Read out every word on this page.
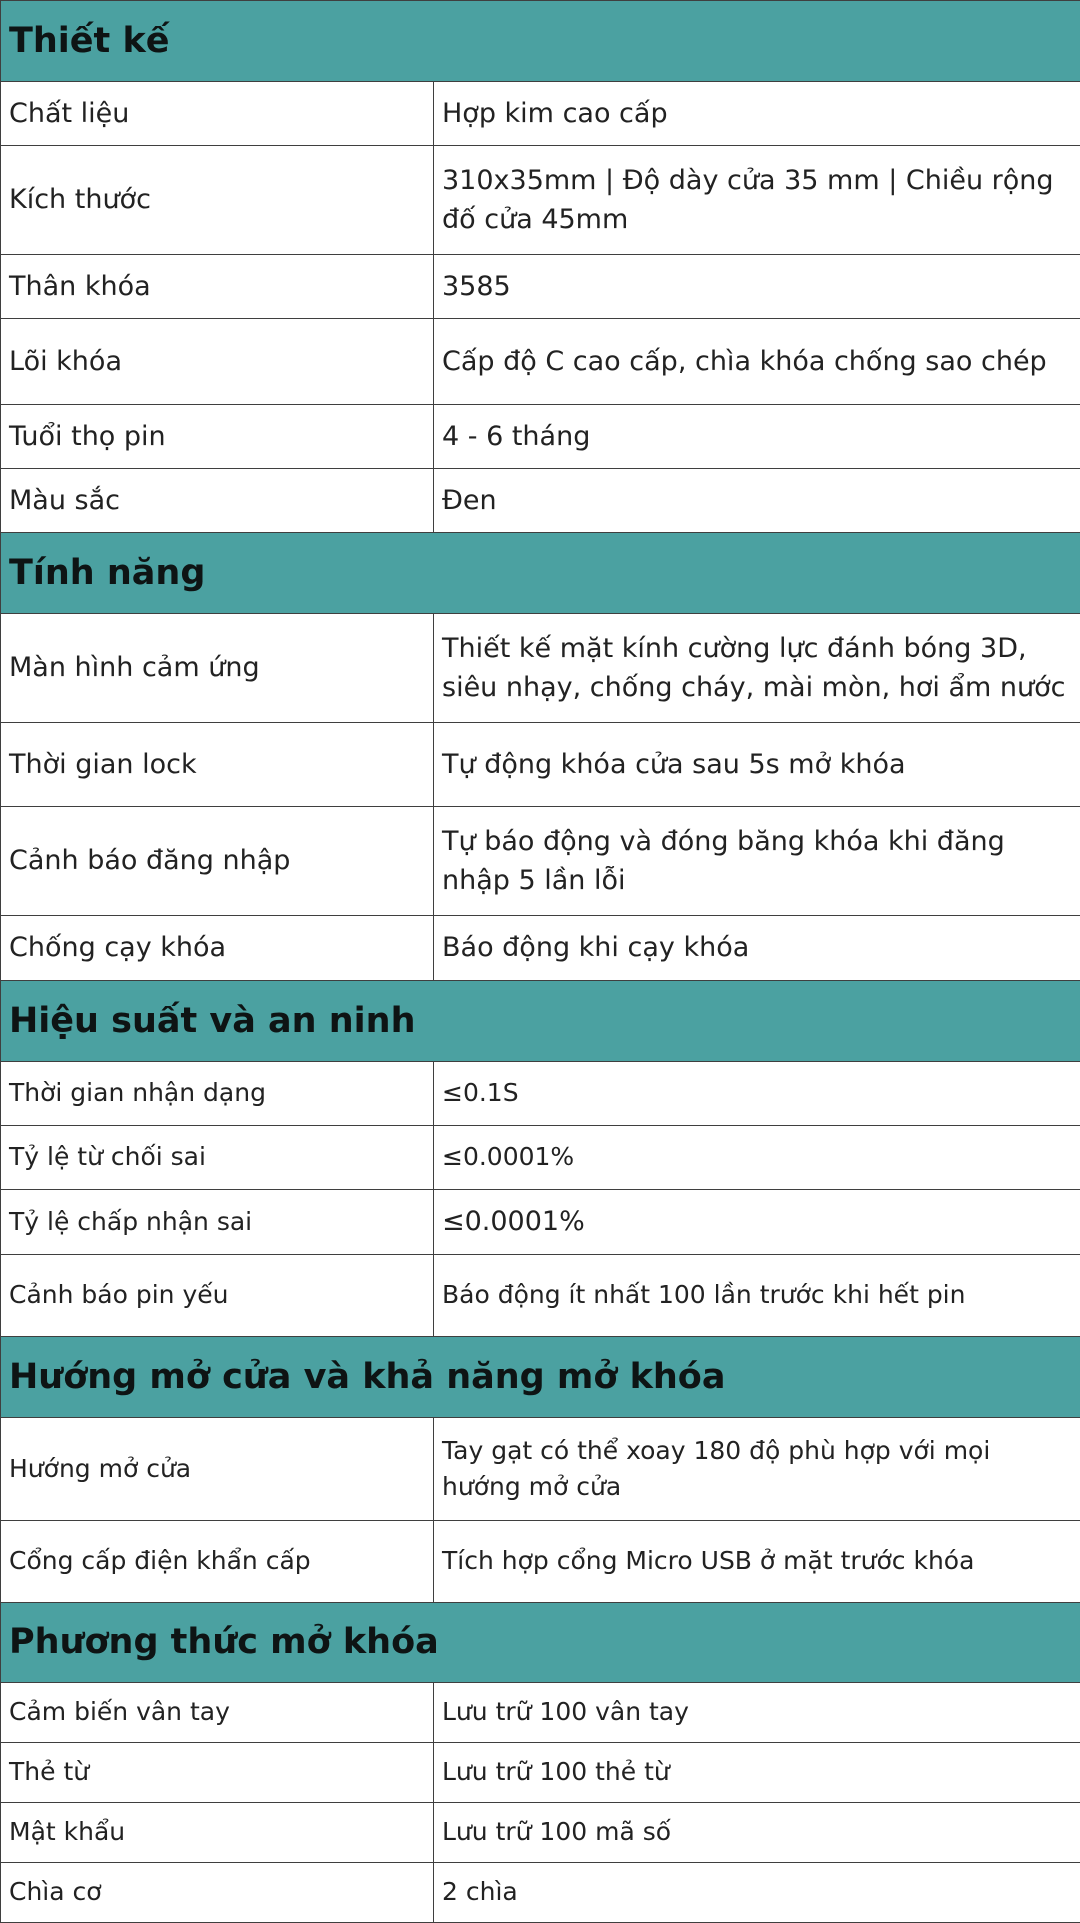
Thiết kế	
Chất liệu	Hợp kim cao cấp
Kích thước	310x35mm | Độ dày cửa 35 mm | Chiều rộng đố cửa 45mm
Thân khóa	3585
Lõi khóa	Cấp độ C cao cấp, chìa khóa chống sao chép
Tuổi thọ pin	4 - 6 tháng
Màu sắc	Đen
Tính năng	
Màn hình cảm ứng	Thiết kế mặt kính cường lực đánh bóng 3D, siêu nhạy, chống cháy, mài mòn, hơi ẩm nước
Thời gian lock	Tự động khóa cửa sau 5s mở khóa
Cảnh báo đăng nhập	Tự báo động và đóng băng khóa khi đăng nhập 5 lần lỗi
Chống cạy khóa	Báo động khi cạy khóa
Hiệu suất và an ninh	
Thời gian nhận dạng	≤0.1S
Tỷ lệ từ chối sai	≤0.0001%
Tỷ lệ chấp nhận sai	≤0.0001%
Cảnh báo pin yếu	Báo động ít nhất 100 lần trước khi hết pin
Hướng mở cửa và khả năng mở khóa	
Hướng mở cửa	Tay gạt có thể xoay 180 độ phù hợp với mọi hướng mở cửa
Cổng cấp điện khẩn cấp	Tích hợp cổng Micro USB ở mặt trước khóa
Phương thức mở khóa	
Cảm biến vân tay	Lưu trữ 100 vân tay
Thẻ từ	Lưu trữ 100 thẻ từ
Mật khẩu	Lưu trữ 100 mã số
Chìa cơ	2 chìa
